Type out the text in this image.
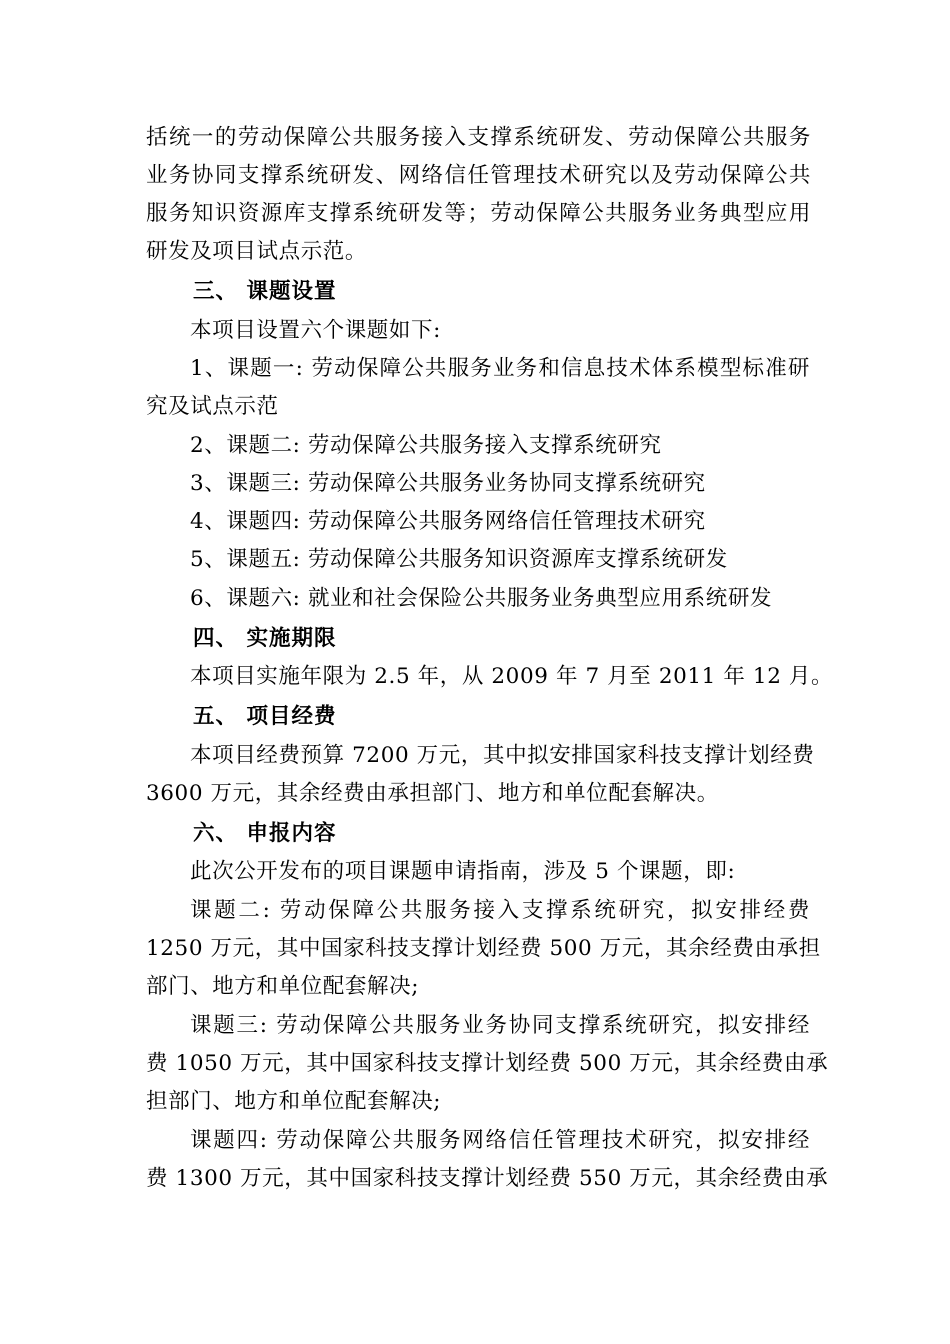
括统一的劳动保障公共服务接入支撑系统研发、劳动保障公共服务
业务协同支撑系统研发、网络信任管理技术研究以及劳动保障公共
服务知识资源库支撑系统研发等；劳动保障公共服务业务典型应用
研发及项目试点示范。
三、 课题设置
本项目设置六个课题如下:
1、课题一: 劳动保障公共服务业务和信息技术体系模型标准研
究及试点示范
2、课题二: 劳动保障公共服务接入支撑系统研究
3、课题三: 劳动保障公共服务业务协同支撑系统研究
4、课题四: 劳动保障公共服务网络信任管理技术研究
5、课题五: 劳动保障公共服务知识资源库支撑系统研发
6、课题六: 就业和社会保险公共服务业务典型应用系统研发
四、 实施期限
本项目实施年限为 2.5 年，从 2009 年 7 月至 2011 年 12 月。
五、 项目经费
本项目经费预算 7200 万元，其中拟安排国家科技支撑计划经费
3600 万元，其余经费由承担部门、地方和单位配套解决。
六、 申报内容
此次公开发布的项目课题申请指南，涉及 5 个课题，即:
课题二: 劳动保障公共服务接入支撑系统研究，拟安排经费
1250 万元，其中国家科技支撑计划经费 500 万元，其余经费由承担
部门、地方和单位配套解决;
课题三: 劳动保障公共服务业务协同支撑系统研究，拟安排经
费 1050 万元，其中国家科技支撑计划经费 500 万元，其余经费由承
担部门、地方和单位配套解决;
课题四: 劳动保障公共服务网络信任管理技术研究，拟安排经
费 1300 万元，其中国家科技支撑计划经费 550 万元，其余经费由承
